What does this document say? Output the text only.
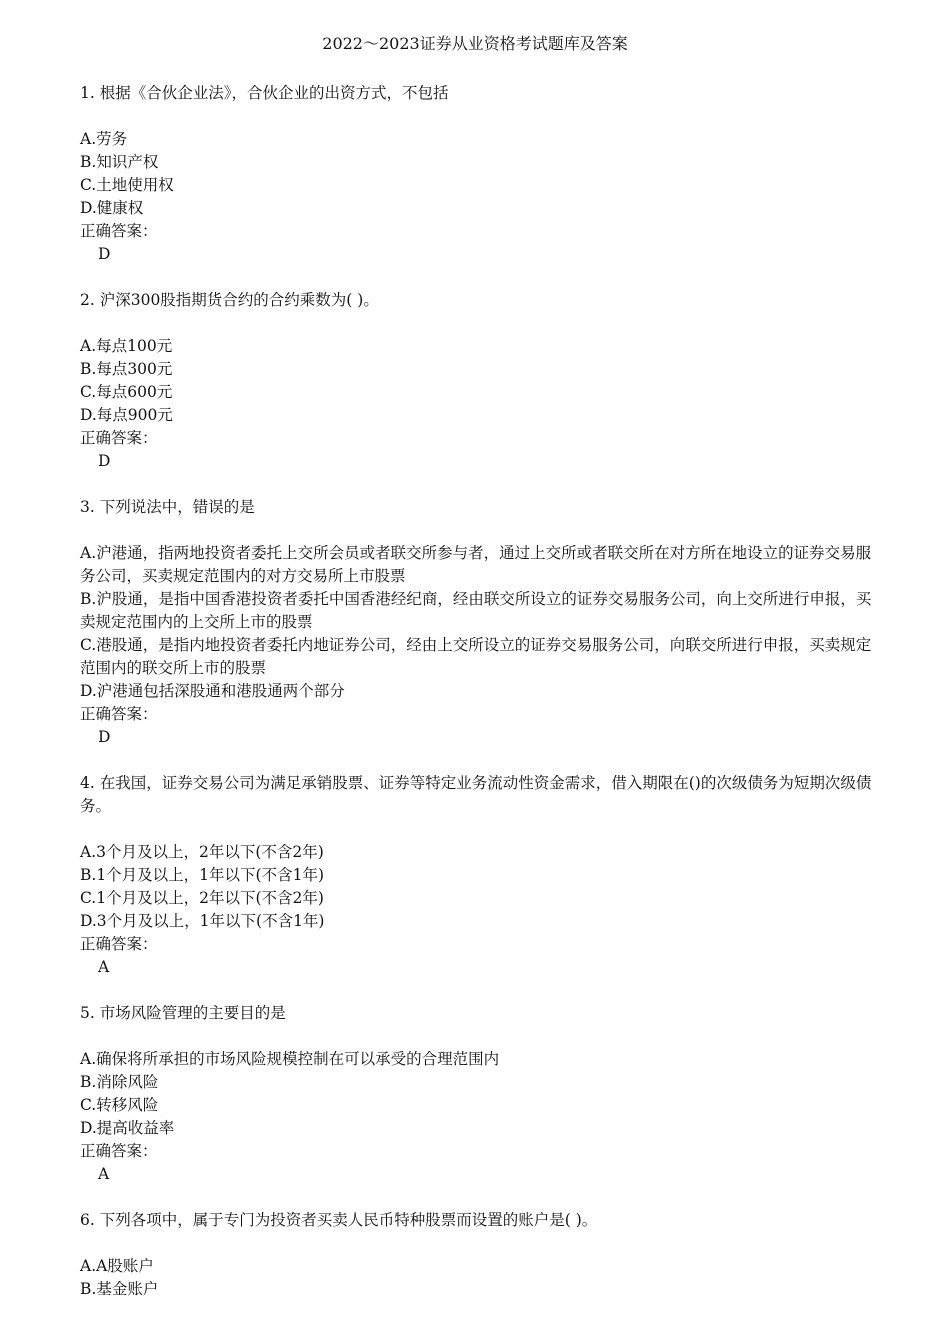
2022～2023证券从业资格考试题库及答案

1. 根据《合伙企业法》，合伙企业的出资方式，不包括

A.劳务

B.知识产权

C.土地使用权

D.健康权

正确答案：

D

2. 沪深300股指期货合约的合约乘数为( )。

A.每点100元

B.每点300元

C.每点600元

D.每点900元

正确答案：

D

3. 下列说法中，错误的是

A.沪港通，指两地投资者委托上交所会员或者联交所参与者，通过上交所或者联交所在对方所在地设立的证券交易服务公司，买卖规定范围内的对方交易所上市股票

B.沪股通，是指中国香港投资者委托中国香港经纪商，经由联交所设立的证券交易服务公司，向上交所进行申报，买卖规定范围内的上交所上市的股票

C.港股通，是指内地投资者委托内地证券公司，经由上交所设立的证券交易服务公司，向联交所进行申报，买卖规定范围内的联交所上市的股票

D.沪港通包括深股通和港股通两个部分

正确答案：

D

4. 在我国，证券交易公司为满足承销股票、证券等特定业务流动性资金需求，借入期限在()的次级债务为短期次级债务。

A.3个月及以上，2年以下(不含2年)

B.1个月及以上，1年以下(不含1年)

C.1个月及以上，2年以下(不含2年)

D.3个月及以上，1年以下(不含1年)

正确答案：

A

5. 市场风险管理的主要目的是

A.确保将所承担的市场风险规模控制在可以承受的合理范围内

B.消除风险

C.转移风险

D.提高收益率

正确答案：

A

6. 下列各项中，属于专门为投资者买卖人民币特种股票而设置的账户是( )。

A.A股账户

B.基金账户
